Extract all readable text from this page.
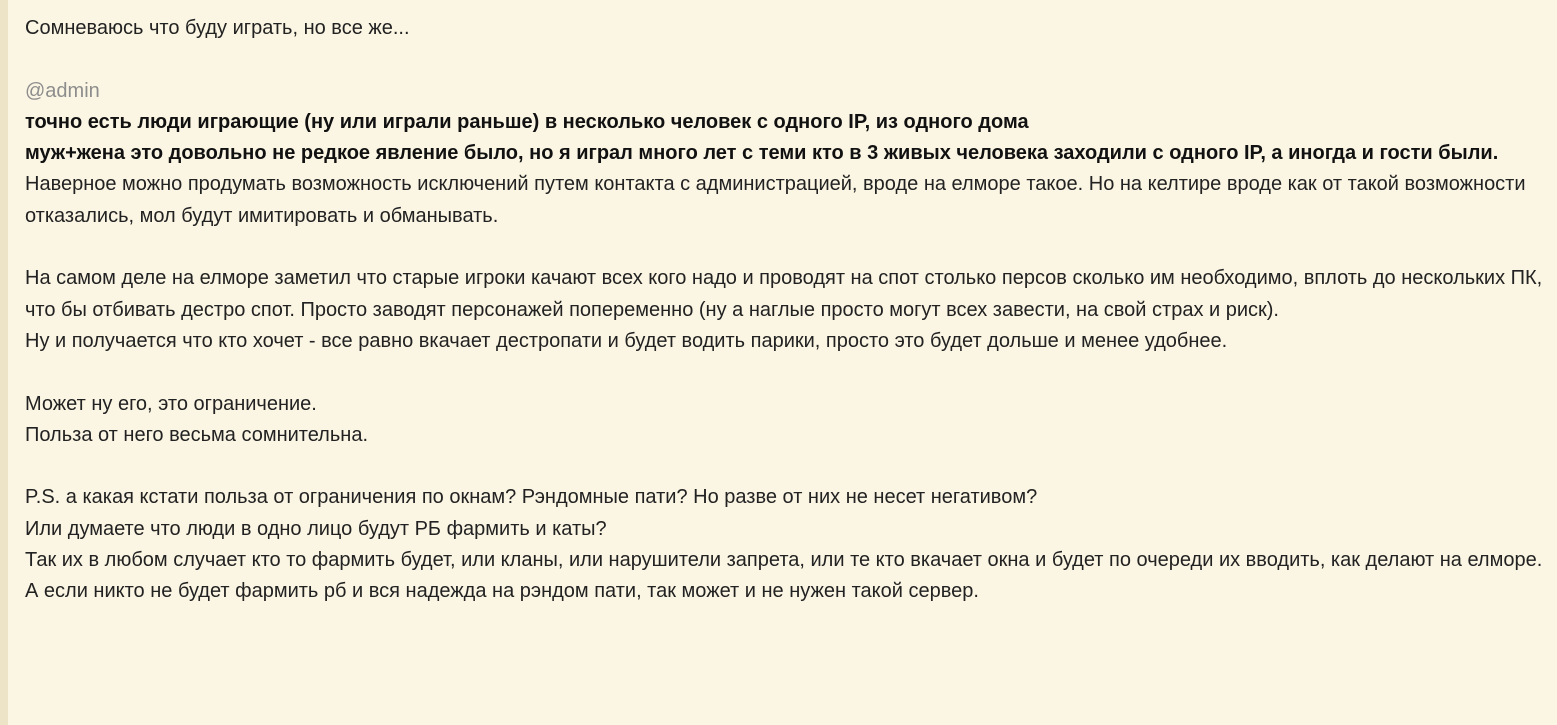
Сомневаюсь что буду играть, но все же...

@admin

точно есть люди играющие (ну или играли раньше) в несколько человек с одного IP, из одного дома

муж+жена это довольно не редкое явление было, но я играл много лет с теми кто в 3 живых человека заходили с одного IP, а иногда и гости были.

Наверное можно продумать возможность исключений путем контакта с администрацией, вроде на елморе такое. Но на келтире вроде как от такой возможности отказались, мол будут имитировать и обманывать.

На самом деле на елморе заметил что старые игроки качают всех кого надо и проводят на спот столько персов сколько им необходимо, вплоть до нескольких ПК, что бы отбивать дестро спот. Просто заводят персонажей попеременно (ну а наглые просто могут всех завести, на свой страх и риск).

Ну и получается что кто хочет - все равно вкачает дестропати и будет водить парики, просто это будет дольше и менее удобнее.

Может ну его, это ограничение.

Польза от него весьма сомнительна.

P.S. а какая кстати польза от ограничения по окнам? Рэндомные пати? Но разве от них не несет негативом?

Или думаете что люди в одно лицо будут РБ фармить и каты?

Так их в любом случает кто то фармить будет, или кланы, или нарушители запрета, или те кто вкачает окна и будет по очереди их вводить, как делают на елморе.

А если никто не будет фармить рб и вся надежда на рэндом пати, так может и не нужен такой сервер.
